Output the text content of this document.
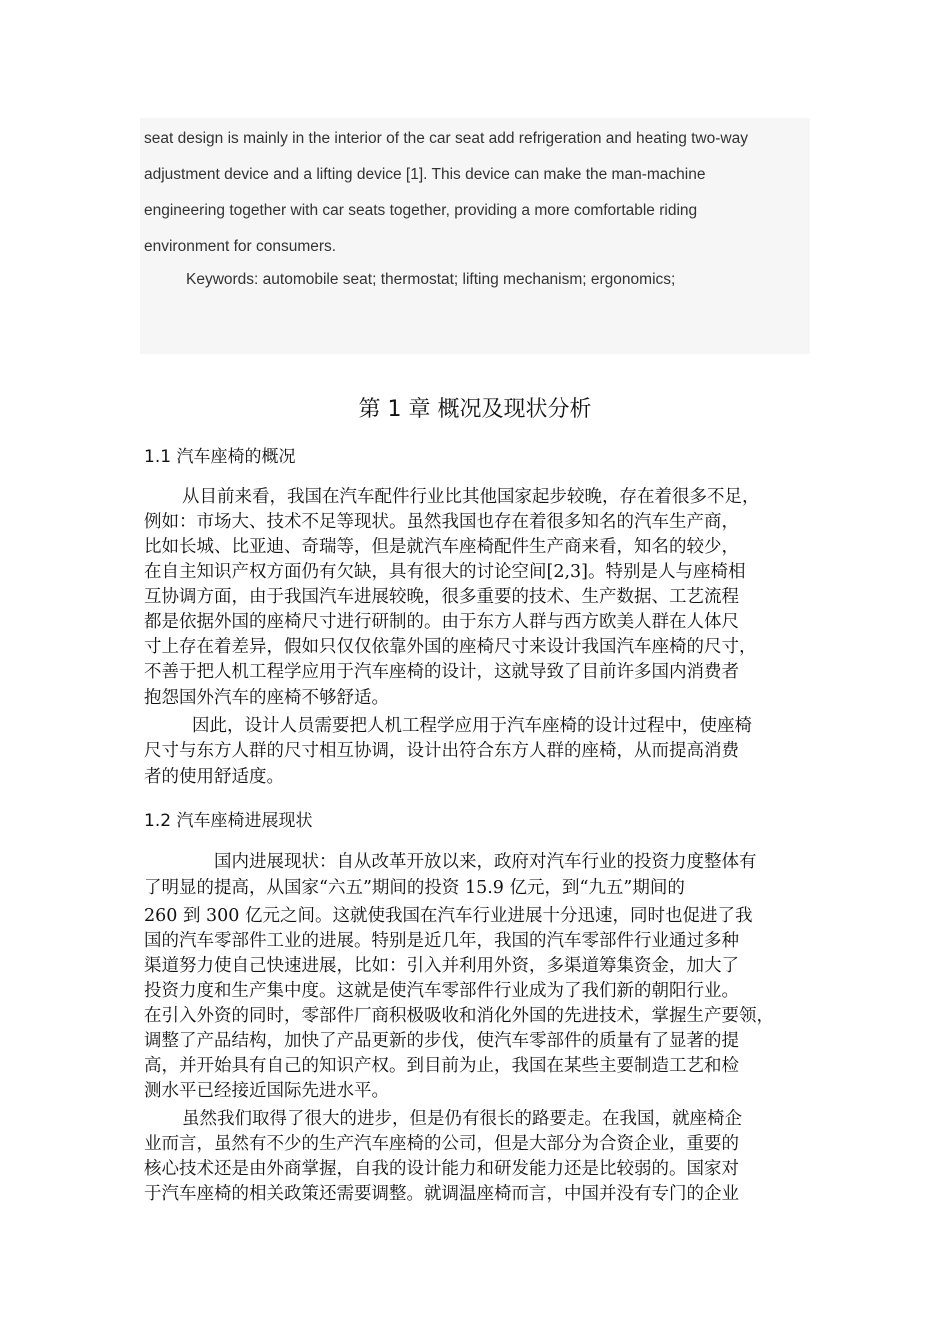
seat design is mainly in the interior of the car seat add refrigeration and heating two-way
adjustment device and a lifting device [1]. This device can make the man-machine
engineering together with car seats together, providing a more comfortable riding
environment for consumers.
Keywords: automobile seat; thermostat; lifting mechanism; ergonomics;
第 1 章 概况及现状分析
1.1 汽车座椅的概况
从目前来看，我国在汽车配件行业比其他国家起步较晚，存在着很多不足，
例如：市场大、技术不足等现状。虽然我国也存在着很多知名的汽车生产商，
比如长城、比亚迪、奇瑞等，但是就汽车座椅配件生产商来看，知名的较少，
在自主知识产权方面仍有欠缺，具有很大的讨论空间[2,3]。特别是人与座椅相
互协调方面，由于我国汽车进展较晚，很多重要的技术、生产数据、工艺流程
都是依据外国的座椅尺寸进行研制的。由于东方人群与西方欧美人群在人体尺
寸上存在着差异，假如只仅仅依靠外国的座椅尺寸来设计我国汽车座椅的尺寸，
不善于把人机工程学应用于汽车座椅的设计，这就导致了目前许多国内消费者
抱怨国外汽车的座椅不够舒适。
因此，设计人员需要把人机工程学应用于汽车座椅的设计过程中，使座椅
尺寸与东方人群的尺寸相互协调，设计出符合东方人群的座椅，从而提高消费
者的使用舒适度。
1.2 汽车座椅进展现状
国内进展现状：自从改革开放以来，政府对汽车行业的投资力度整体有
了明显的提高，从国家“六五”期间的投资 15.9 亿元，到“九五”期间的
260 到 300 亿元之间。这就使我国在汽车行业进展十分迅速，同时也促进了我
国的汽车零部件工业的进展。特别是近几年，我国的汽车零部件行业通过多种
渠道努力使自己快速进展，比如：引入并利用外资，多渠道筹集资金，加大了
投资力度和生产集中度。这就是使汽车零部件行业成为了我们新的朝阳行业。
在引入外资的同时，零部件厂商积极吸收和消化外国的先进技术，掌握生产要领，
调整了产品结构，加快了产品更新的步伐，使汽车零部件的质量有了显著的提
高，并开始具有自己的知识产权。到目前为止，我国在某些主要制造工艺和检
测水平已经接近国际先进水平。
虽然我们取得了很大的进步，但是仍有很长的路要走。在我国，就座椅企
业而言，虽然有不少的生产汽车座椅的公司，但是大部分为合资企业，重要的
核心技术还是由外商掌握，自我的设计能力和研发能力还是比较弱的。国家对
于汽车座椅的相关政策还需要调整。就调温座椅而言，中国并没有专门的企业
